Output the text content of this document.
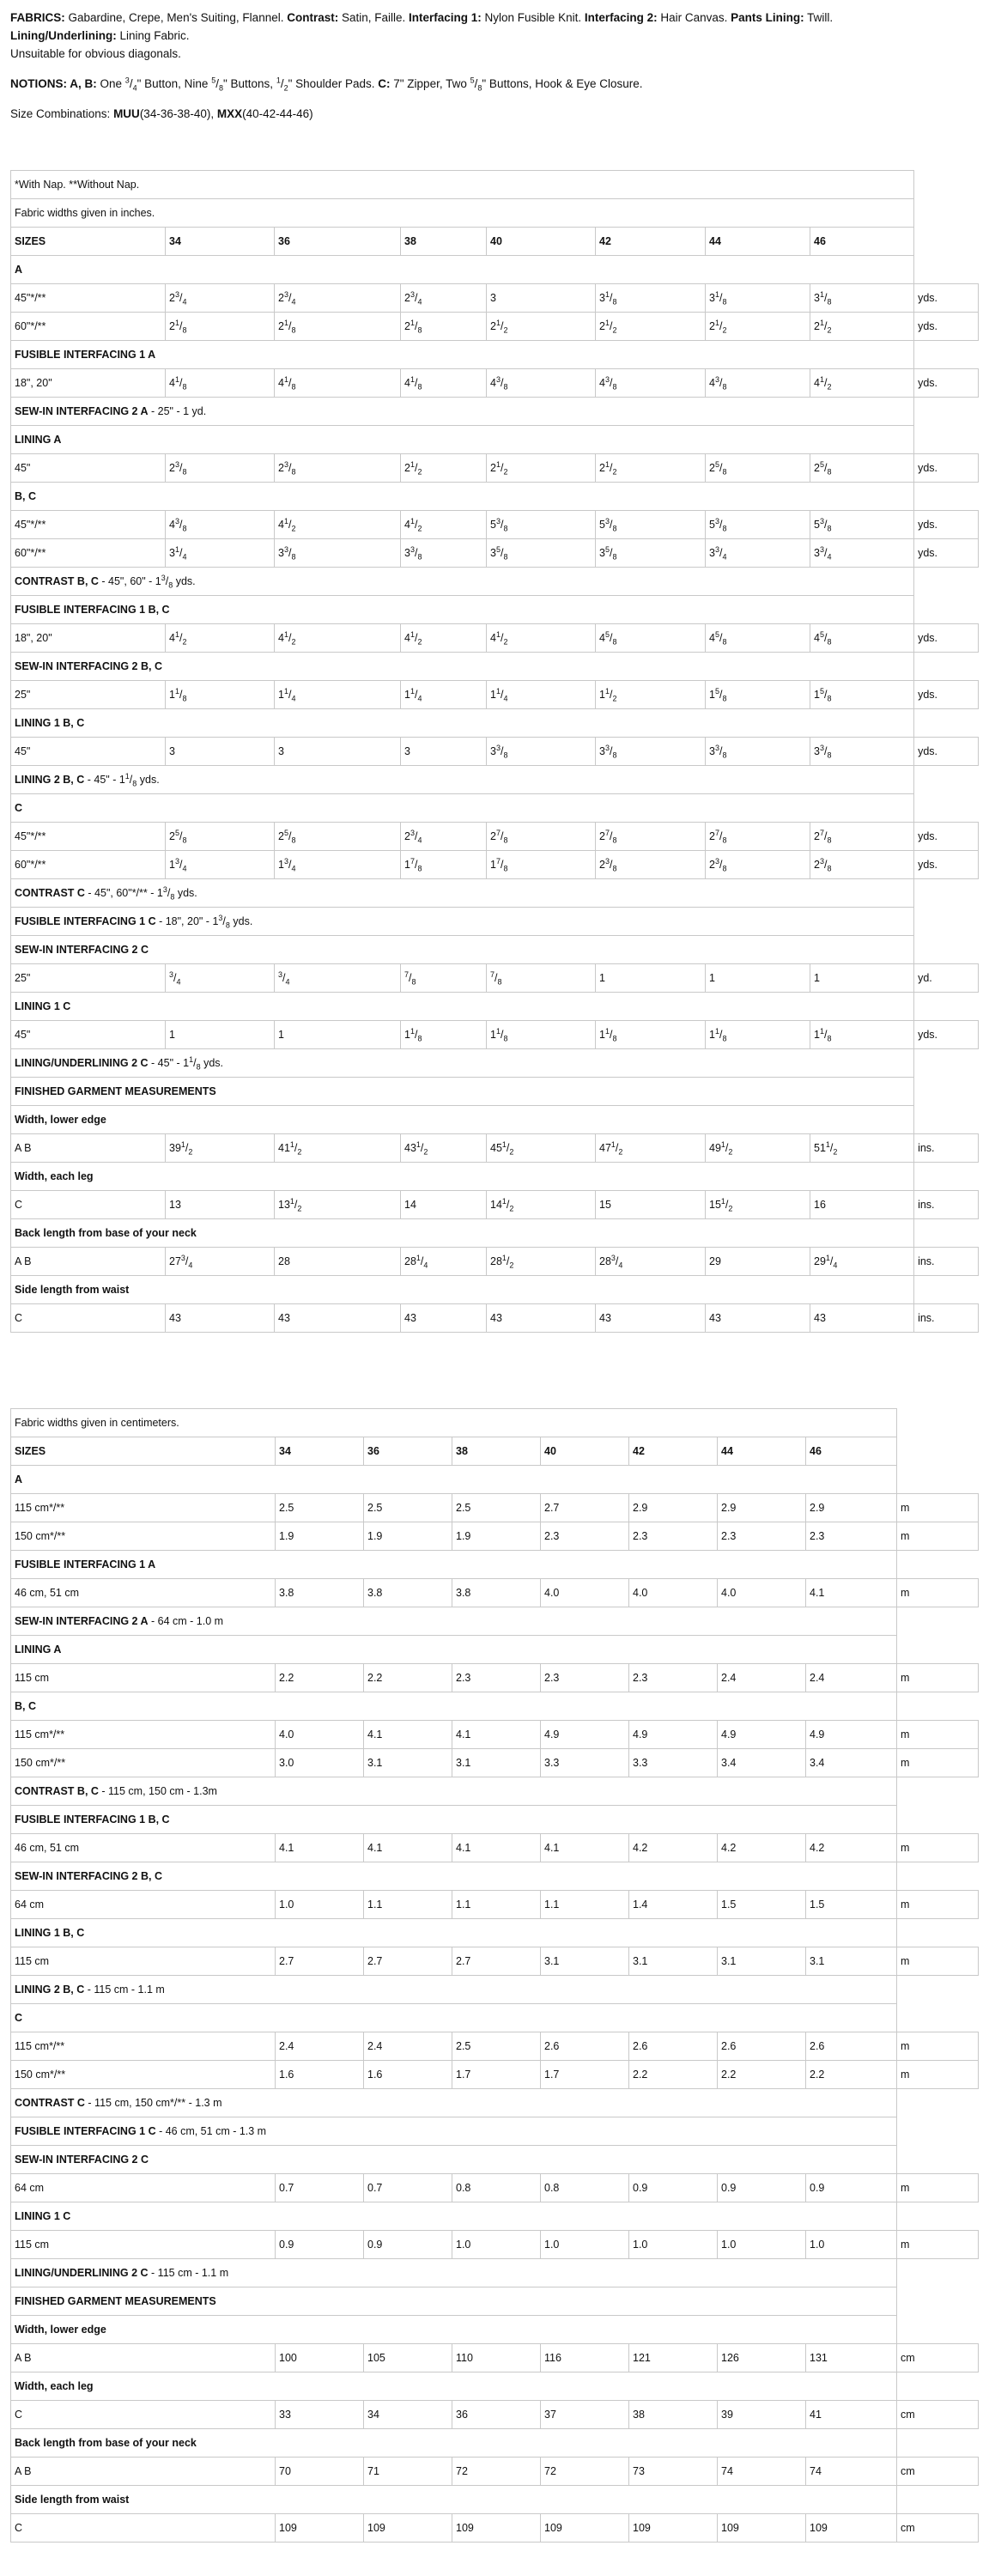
FABRICS: Gabardine, Crepe, Men's Suiting, Flannel. Contrast: Satin, Faille. Interfacing 1: Nylon Fusible Knit. Interfacing 2: Hair Canvas. Pants Lining: Twill.

Lining/Underlining: Lining Fabric.

Unsuitable for obvious diagonals.

NOTIONS: A, B: One $^3/_4$" Button, Nine $^5/_8$" Buttons, $^1/_2$" Shoulder Pads. C: 7" Zipper, Two $^5/_8$" Buttons, Hook & Eye Closure.

Size Combinations: MUU(34-36-38-40), MXX(40-42-44-46)

*With Nap. **Without Nap.								
Fabric widths given in inches.								
SIZES	34	36	38	40	42	44	46	
A								
45"*/**	$2^3/_4$	$2^3/_4$	$2^3/_4$	3	$3^1/_8$	$3^1/_8$	$3^1/_8$	yds.
60"*/**	$2^1/_8$	$2^1/_8$	$2^1/_8$	$2^1/_2$	$2^1/_2$	$2^1/_2$	$2^1/_2$	yds.
FUSIBLE INTERFACING 1 A								
18", 20"	$4^1/_8$	$4^1/_8$	$4^1/_8$	$4^3/_8$	$4^3/_8$	$4^3/_8$	$4^1/_2$	yds.
SEW-IN INTERFACING 2 A - 25" - 1 yd.								
LINING A								
45"	$2^3/_8$	$2^3/_8$	$2^1/_2$	$2^1/_2$	$2^1/_2$	$2^5/_8$	$2^5/_8$	yds.
B, C								
45"*/**	$4^3/_8$	$4^1/_2$	$4^1/_2$	$5^3/_8$	$5^3/_8$	$5^3/_8$	$5^3/_8$	yds.
60"*/**	$3^1/_4$	$3^3/_8$	$3^3/_8$	$3^5/_8$	$3^5/_8$	$3^3/_4$	$3^3/_4$	yds.
CONTRAST B, C - 45", 60" - $1^3/_8$ yds.								
FUSIBLE INTERFACING 1 B, C								
18", 20"	$4^1/_2$	$4^1/_2$	$4^1/_2$	$4^1/_2$	$4^5/_8$	$4^5/_8$	$4^5/_8$	yds.
SEW-IN INTERFACING 2 B, C								
25"	$1^1/_8$	$1^1/_4$	$1^1/_4$	$1^1/_4$	$1^1/_2$	$1^5/_8$	$1^5/_8$	yds.
LINING 1 B, C								
45"	3	3	3	$3^3/_8$	$3^3/_8$	$3^3/_8$	$3^3/_8$	yds.
LINING 2 B, C - 45" - $1^1/_8$ yds.								
C								
45"*/**	$2^5/_8$	$2^5/_8$	$2^3/_4$	$2^7/_8$	$2^7/_8$	$2^7/_8$	$2^7/_8$	yds.
60"*/**	$1^3/_4$	$1^3/_4$	$1^7/_8$	$1^7/_8$	$2^3/_8$	$2^3/_8$	$2^3/_8$	yds.
CONTRAST C - 45", 60"*/** - $1^3/_8$ yds.								
FUSIBLE INTERFACING 1 C - 18", 20" - $1^3/_8$ yds.								
SEW-IN INTERFACING 2 C								
25"	$^3/_4$	$^3/_4$	$^7/_8$	$^7/_8$	1	1	1	yd.
LINING 1 C								
45"	1	1	$1^1/_8$	$1^1/_8$	$1^1/_8$	$1^1/_8$	$1^1/_8$	yds.
LINING/UNDERLINING 2 C - 45" - $1^1/_8$ yds.								
FINISHED GARMENT MEASUREMENTS								
Width, lower edge								
A B	$39^1/_2$	$41^1/_2$	$43^1/_2$	$45^1/_2$	$47^1/_2$	$49^1/_2$	$51^1/_2$	ins.
Width, each leg								
C	13	$13^1/_2$	14	$14^1/_2$	15	$15^1/_2$	16	ins.
Back length from base of your neck								
A B	$27^3/_4$	28	$28^1/_4$	$28^1/_2$	$28^3/_4$	29	$29^1/_4$	ins.
Side length from waist								
C	43	43	43	43	43	43	43	ins.
Fabric widths given in centimeters.								
SIZES	34	36	38	40	42	44	46	
A								
115 cm*/**	2.5	2.5	2.5	2.7	2.9	2.9	2.9	m
150 cm*/**	1.9	1.9	1.9	2.3	2.3	2.3	2.3	m
FUSIBLE INTERFACING 1 A								
46 cm, 51 cm	3.8	3.8	3.8	4.0	4.0	4.0	4.1	m
SEW-IN INTERFACING 2 A - 64 cm - 1.0 m								
LINING A								
115 cm	2.2	2.2	2.3	2.3	2.3	2.4	2.4	m
B, C								
115 cm*/**	4.0	4.1	4.1	4.9	4.9	4.9	4.9	m
150 cm*/**	3.0	3.1	3.1	3.3	3.3	3.4	3.4	m
CONTRAST B, C - 115 cm, 150 cm - 1.3m								
FUSIBLE INTERFACING 1 B, C								
46 cm, 51 cm	4.1	4.1	4.1	4.1	4.2	4.2	4.2	m
SEW-IN INTERFACING 2 B, C								
64 cm	1.0	1.1	1.1	1.1	1.4	1.5	1.5	m
LINING 1 B, C								
115 cm	2.7	2.7	2.7	3.1	3.1	3.1	3.1	m
LINING 2 B, C - 115 cm - 1.1 m								
C								
115 cm*/**	2.4	2.4	2.5	2.6	2.6	2.6	2.6	m
150 cm*/**	1.6	1.6	1.7	1.7	2.2	2.2	2.2	m
CONTRAST C - 115 cm, 150 cm*/** - 1.3 m								
FUSIBLE INTERFACING 1 C - 46 cm, 51 cm - 1.3 m								
SEW-IN INTERFACING 2 C								
64 cm	0.7	0.7	0.8	0.8	0.9	0.9	0.9	m
LINING 1 C								
115 cm	0.9	0.9	1.0	1.0	1.0	1.0	1.0	m
LINING/UNDERLINING 2 C - 115 cm - 1.1 m								
FINISHED GARMENT MEASUREMENTS								
Width, lower edge								
A B	100	105	110	116	121	126	131	cm
Width, each leg								
C	33	34	36	37	38	39	41	cm
Back length from base of your neck								
A B	70	71	72	72	73	74	74	cm
Side length from waist								
C	109	109	109	109	109	109	109	cm
